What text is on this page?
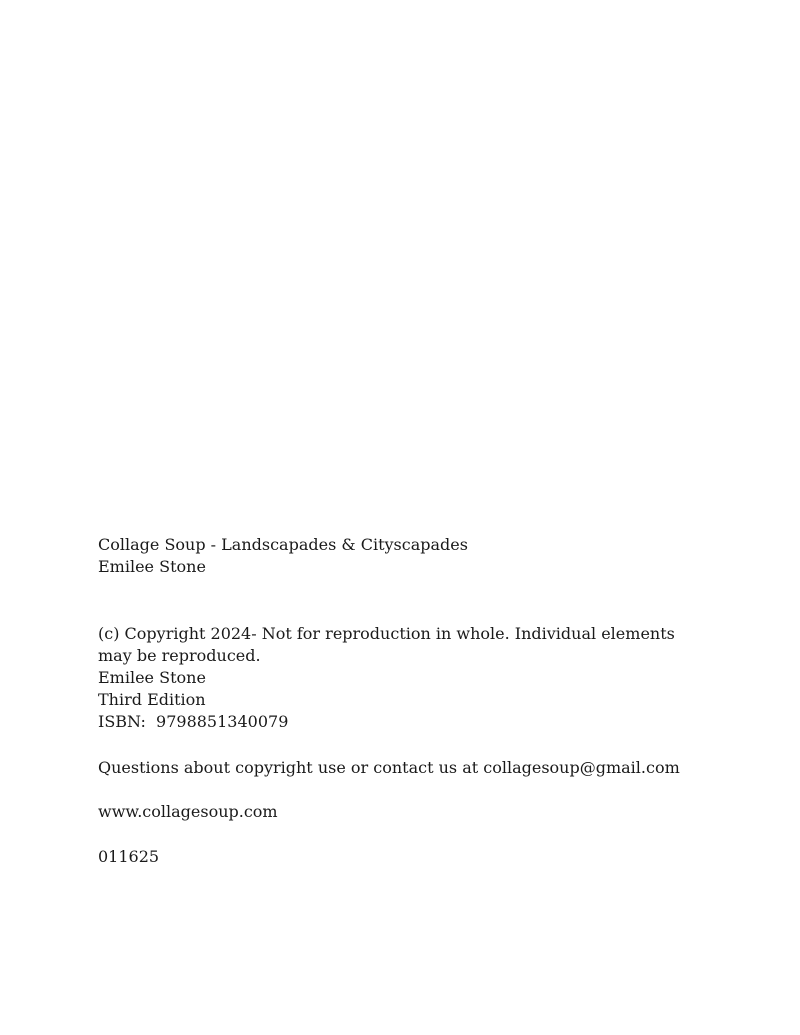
Collage Soup - Landscapades & Cityscapades

Emilee Stone

(c) Copyright 2024- Not for reproduction in whole. Individual elements may be reproduced.

Emilee Stone

Third Edition

ISBN:  9798851340079

Questions about copyright use or contact us at collagesoup@gmail.com

www.collagesoup.com

011625
